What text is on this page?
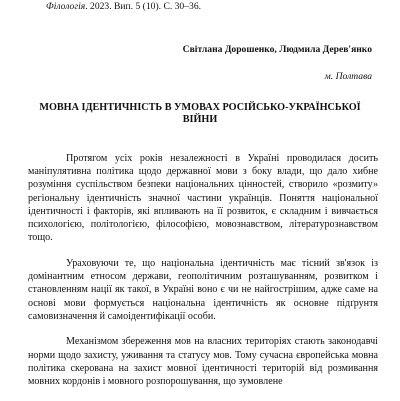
Філологія. 2023. Вип. 5 (10). С. 30–36.
Світлана Дорошенко, Людмила Дерев'янко
м. Полтава
МОВНА ІДЕНТИЧНІСТЬ В УМОВАХ РОСІЙСЬКО-УКРАЇНСЬКОЇ ВІЙНИ

Протягом усіх років незалежності в Україні проводилася досить маніпулятивна політика щодо державної мови з боку влади, що дало хибне розуміння суспільством безпеки національних цінностей, створило «розмиту» регіональну ідентичність значної частини українців. Поняття національної ідентичності і факторів, які впливають на її розвиток, є складним і вивчається психологією, політологією, філософією, мовознавством, літературознавством тощо.

Ураховуючи те, що національна ідентичність має тісний зв'язок із домінантним етносом держави, геополітичним розташуванням, розвитком і становленням нації як такої, в Україні воно є чи не найгострішим, адже саме на основі мови формується національна ідентичність як основне підґрунтя самовизначення й самоідентифікації особи.

Механізмом збереження мов на власних територіях стають законодавчі норми щодо захисту, уживання та статусу мов. Тому сучасна європейська мовна політика скерована на захист мовної ідентичності територій від розмивання мовних кордонів і мовного розпорошування, що зумовлене
